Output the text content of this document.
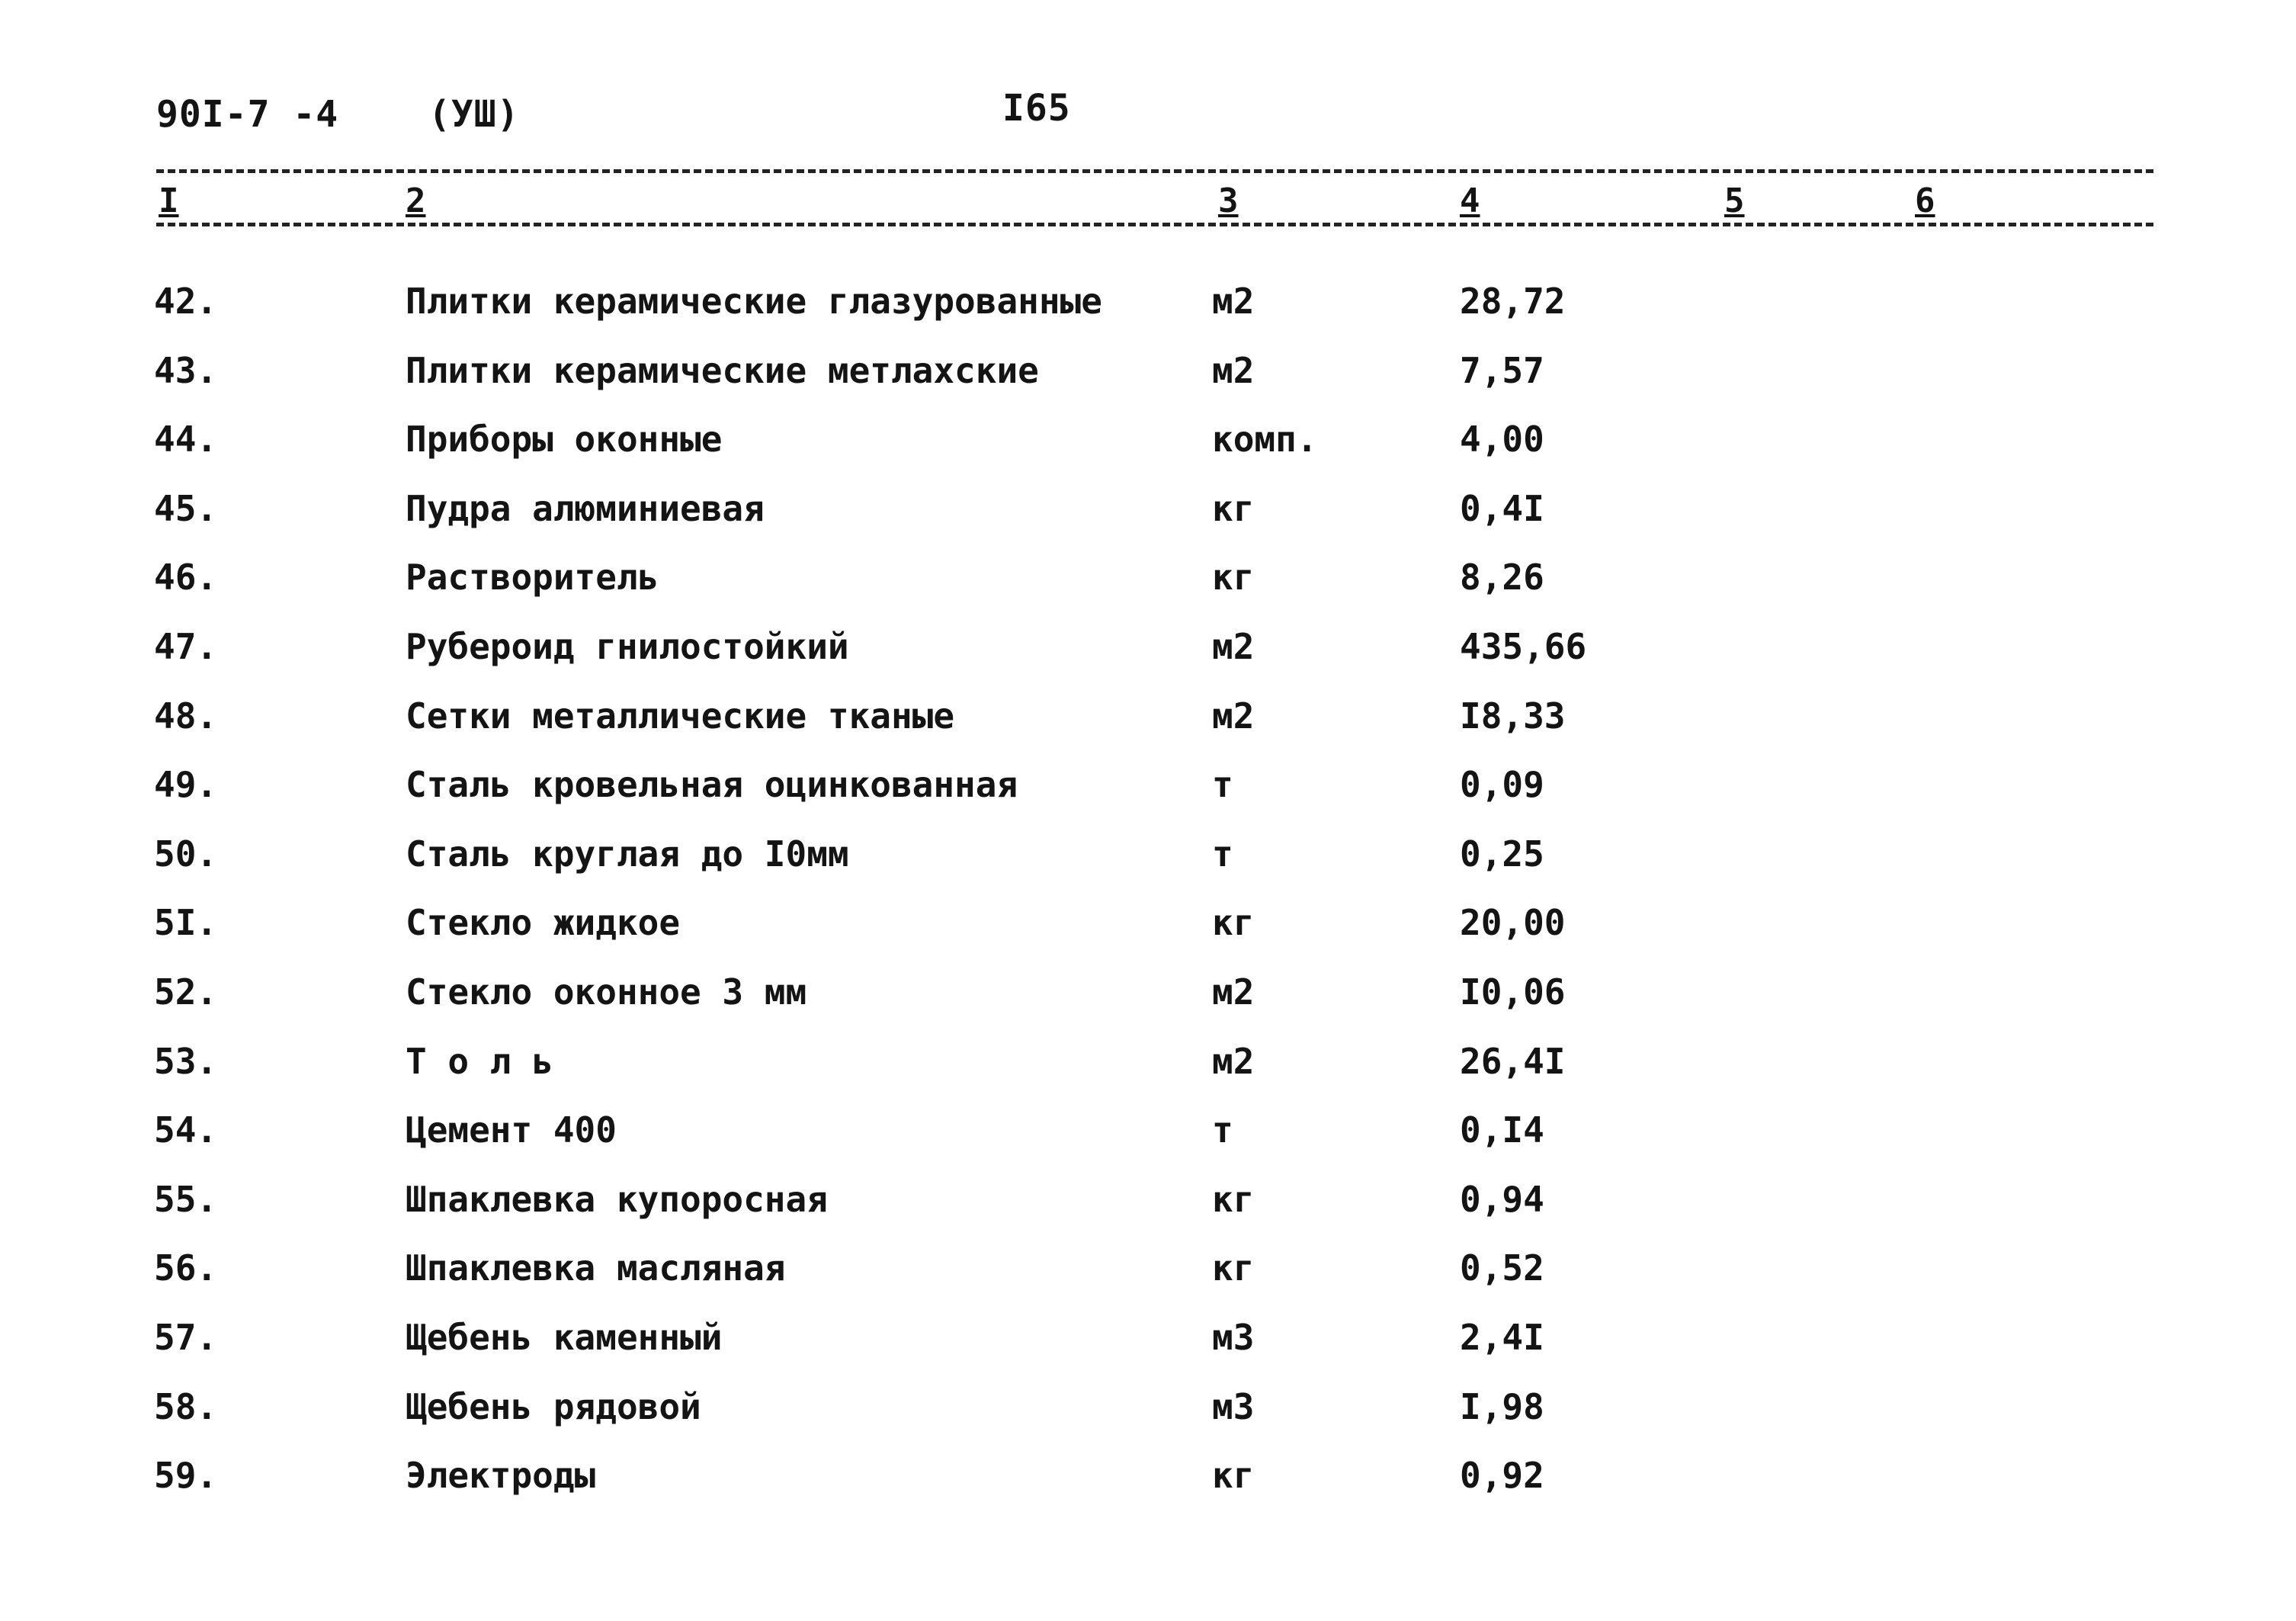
90I-7 -4 (УШ)	I65
I	2	3	4	5	6
42.	Плитки керамические глазурованные	м2	28,72
43.	Плитки керамические метлахские	м2	7,57
44.	Приборы оконные	комп.	4,00
45.	Пудра алюминиевая	кг	0,4I
46.	Растворитель	кг	8,26
47.	Рубероид гнилостойкий	м2	435,66
48.	Сетки металлические тканые	м2	I8,33
49.	Сталь кровельная оцинкованная	т	0,09
50.	Сталь круглая до I0мм	т	0,25
5I.	Стекло жидкое	кг	20,00
52.	Стекло оконное 3 мм	м2	I0,06
53.	Т о л ь	м2	26,4I
54.	Цемент 400	т	0,I4
55.	Шпаклевка купоросная	кг	0,94
56.	Шпаклевка масляная	кг	0,52
57.	Щебень каменный	м3	2,4I
58.	Щебень рядовой	м3	I,98
59.	Электроды	кг	0,92
